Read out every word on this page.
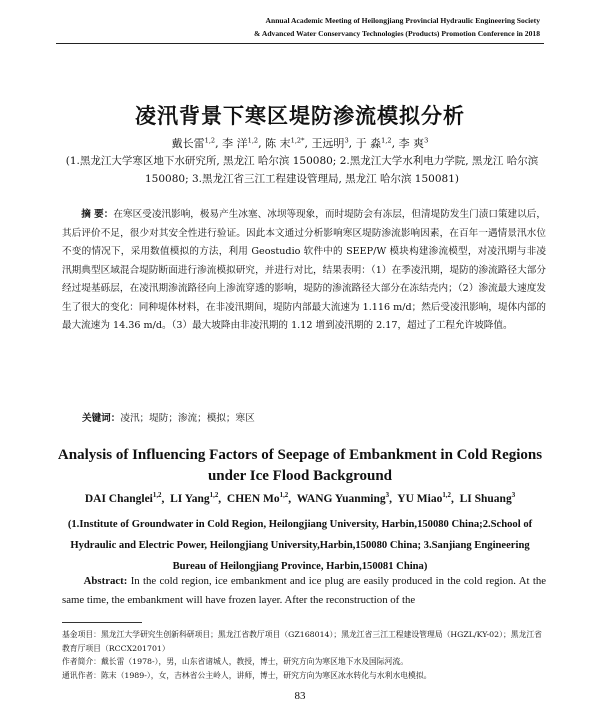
Annual Academic Meeting of Heilongjiang Provincial Hydraulic Engineering Society
& Advanced Water Conservancy Technologies (Products) Promotion Conference in 2018
凌汛背景下寒区堤防渗流模拟分析
戴长雷$^{1,2}$, 李 洋$^{1,2}$, 陈 末$^{1,2*}$, 王远明$^3$, 于 淼$^{1,2}$, 李 爽$^3$
(1.黑龙江大学寒区地下水研究所, 黑龙江 哈尔滨 150080; 2.黑龙江大学水利电力学院, 黑龙江 哈尔滨 150080; 3.黑龙江省三江工程建设管理局, 黑龙江 哈尔滨 150081)
摘 要：在寒区受凌汛影响，极易产生冰塞、冰坝等现象，而时堤防会有冻层，但清堤防发生门渍口策建以后，其后评价不足，很少对其安全性进行验证。因此本文通过分析影响寒区堤防渗流影响因素，在百年一遇情景汛水位不变的情况下，采用数值模拟的方法，利用 Geostudio 软件中的 SEEP/W 模块构建渗流模型，对凌汛期与非凌汛期典型区域混合堤防断面进行渗流模拟研究，并进行对比，结果表明：（1）在季凌汛期，堤防的渗流路径大部分经过堤基砾层，在凌汛期渗流路径向上渗流穿透的影响，堤防的渗流路径大部分在冻结壳内；（2）渗流最大速度发生了很大的变化：同种堤体材料，在非凌汛期间，堤防内部最大流速为 1.116 m/d；然后受凌汛影响，堤体内部的最大流速为 14.36 m/d。（3）最大坡降由非凌汛期的 1.12 增到凌汛期的 2.17，超过了工程允许坡降值。
关键词：凌汛；堤防；渗流；模拟；寒区
Analysis of Influencing Factors of Seepage of Embankment in Cold Regions under Ice Flood Background
DAI Changlei$^{1,2}$,  LI Yang$^{1,2}$,  CHEN Mo$^{1,2}$,  WANG Yuanming$^3$,  YU Miao$^{1,2}$,  LI Shuang$^3$
(1.Institute of Groundwater in Cold Region, Heilongjiang University, Harbin,150080 China;2.School of Hydraulic and Electric Power, Heilongjiang University,Harbin,150080 China; 3.Sanjiang Engineering Bureau of Heilongjiang Province, Harbin,150081 China)
Abstract: In the cold region, ice embankment and ice plug are easily produced in the cold region. At the same time, the embankment will have frozen layer. After the reconstruction of the
基金项目：黑龙江大学研究生创新科研项目；黑龙江省教厅项目（GZ168014）；黑龙江省三江工程建设管理局（HGZL/KY-02）；黑龙江省教育厅项目（RCCX201701）
作者简介：戴长雷（1978-），男，山东省诸城人，教授，博士，研究方向为寒区地下水及国际河流。
通讯作者：陈末（1989-），女，吉林省公主岭人，讲师，博士，研究方向为寒区冰水转化与水利水电模拟。
83
